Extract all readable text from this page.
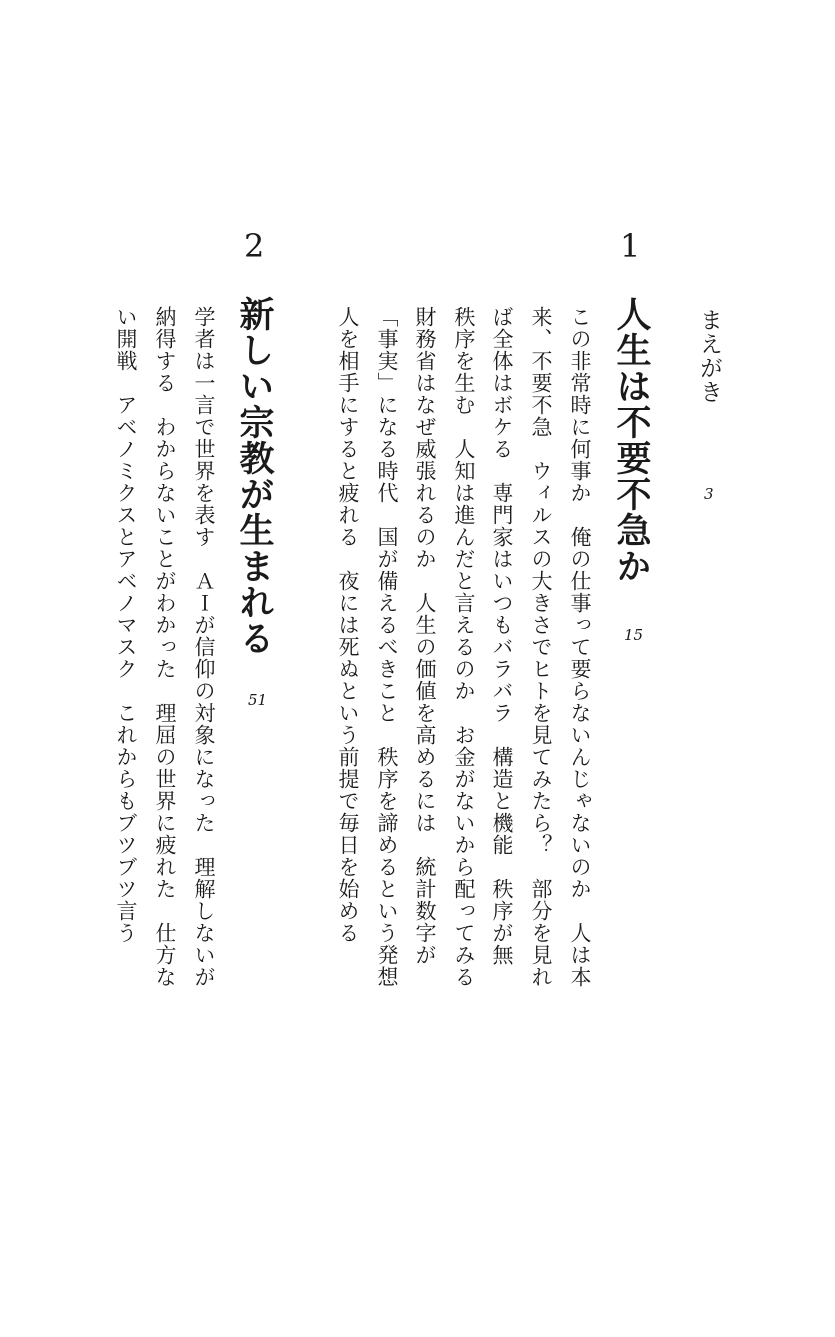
まえがき
3
1
人生は不要不急か
15
この非常時に何事か　俺の仕事って要らないんじゃないのか　人は本
来、不要不急　ウィルスの大きさでヒトを見てみたら？　部分を見れ
ば全体はボケる　専門家はいつもバラバラ　構造と機能　秩序が無
秩序を生む　人知は進んだと言えるのか　お金がないから配ってみる
財務省はなぜ威張れるのか　人生の価値を高めるには　統計数字が
「事実」になる時代　国が備えるべきこと　秩序を諦めるという発想
人を相手にすると疲れる　夜には死ぬという前提で毎日を始める
2
新しい宗教が生まれる
51
学者は一言で世界を表す　ＡＩが信仰の対象になった　理解しないが
納得する　わからないことがわかった　理屈の世界に疲れた　仕方な
い開戦　アベノミクスとアベノマスク　これからもブツブツ言う
